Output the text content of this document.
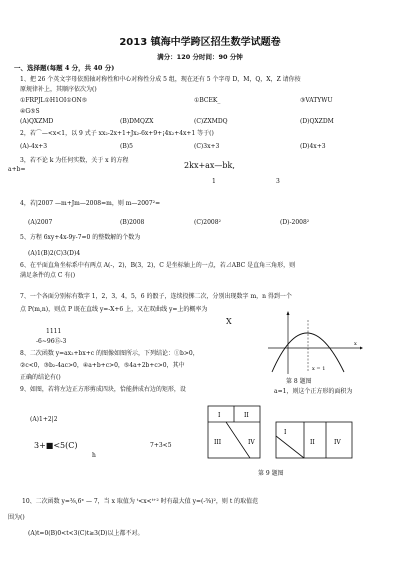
2013 镇海中学跨区招生数学试题卷
满分：120 分时间：90 分钟
一、选择题(每题 4 分，共 40 分)
1、把 26 个英文字母依照轴对称性和中心对称性分成 5 组，现在还有 5 个字母 D，M，Q，X，Z 请你按
原规律补上，其顺序依次为()
①FRPJL①H1OI①ON⑤	①BCEK_	③VATYWU
④G⑤S
(A)QXZMD	(B)DMQZX	(C)ZXMDQ	(D)QXZDM
2，若⌒—<x<1，以 9 式子 xx₂-2x+1+Jx₂-6x+9+¡4x₂+4x+1 等于()
(A)-4x+3	(B)5	(C)3x+3	(D)4x+3
3，若不论 k 为任何实数，关于 x 的方程
2kx+ax—bk,
a+b=
1	3
4，若|2007 —m+Jm—2008=m，则 m—2007²=
(A)2007	(B)2008	(C)2008²	(D)-2008²
5、方程 6xy+4x-9y-7=0 的整数解的个数为
(A)1(B)2(C)3(D)4
6、在平面直角坐标系中有两点 A(-，2)，B(3，2)，C 是坐标轴上的一点，若⊿ABC 是直角三角形，则
满足条件的点 C 有()
7、一个各面分别标有数字 1，2，3，4，5，6 的骰子，连续投掷二次，分别出现数字 m，n 得到一个
点 P(m,n)，则点 P 既在直线 y=-X+6 上，又在双曲线 y=上的概率为
X
1111
-6~96⑮-3
8、二次函数 y=ax₂+bx+c 的图像如图所示，下列结论：①b>0，
②c<0，③b₂-4ac>0，④a+b+c>0，⑤4a+2b+c>0，其中
正确的结论有()
x = 1
x
第 8 题图
9、如图，若将左边正方形剪成四块，恰能拼成右边的矩形，设	a=1，则这个正方形的面积为
(A)1+2|2
3+■<5(C)
h
7+3<5
I	II
III	IV
I
II	IV
第 9 题图
10、二次函数 y=⅜,6ˣ — 7，当 x 取值为 ᵗ<x<ᵗ⁺² 时有最大值 y=(-⅜)²，则 t 的取值范
围为()
(A)t=0(B)0<t<3(C)t≥3(D)以上都不对。
